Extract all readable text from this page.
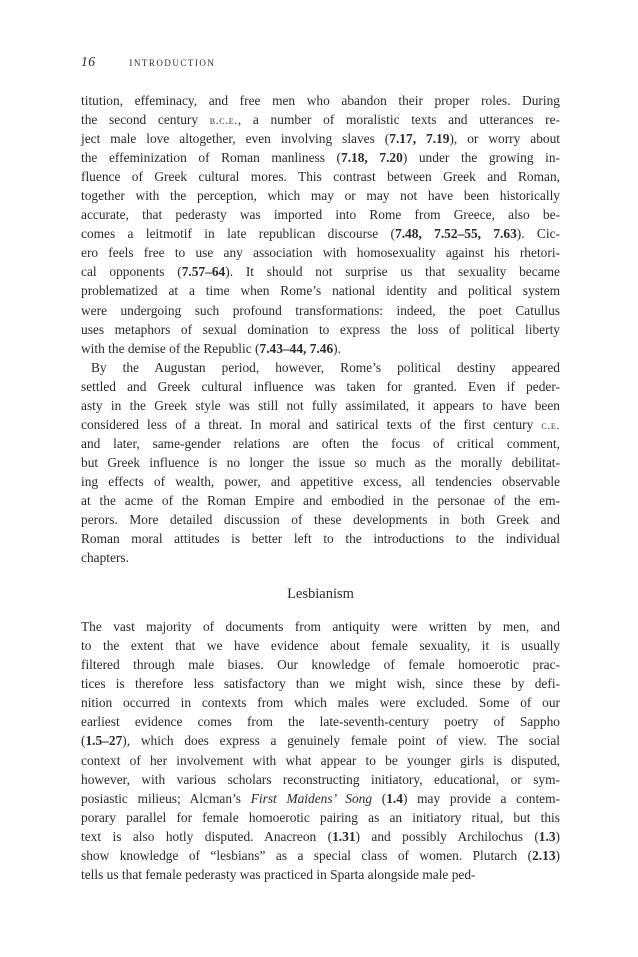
16	introduction
titution, effeminacy, and free men who abandon their proper roles. During
the second century b.c.e., a number of moralistic texts and utterances re-
ject male love altogether, even involving slaves (7.17, 7.19), or worry about
the effeminization of Roman manliness (7.18, 7.20) under the growing in-
fluence of Greek cultural mores. This contrast between Greek and Roman,
together with the perception, which may or may not have been historically
accurate, that pederasty was imported into Rome from Greece, also be-
comes a leitmotif in late republican discourse (7.48, 7.52–55, 7.63). Cic-
ero feels free to use any association with homosexuality against his rhetori-
cal opponents (7.57–64). It should not surprise us that sexuality became
problematized at a time when Rome’s national identity and political system
were undergoing such profound transformations: indeed, the poet Catullus
uses metaphors of sexual domination to express the loss of political liberty
with the demise of the Republic (7.43–44, 7.46).
By the Augustan period, however, Rome’s political destiny appeared
settled and Greek cultural influence was taken for granted. Even if peder-
asty in the Greek style was still not fully assimilated, it appears to have been
considered less of a threat. In moral and satirical texts of the first century c.e.
and later, same-gender relations are often the focus of critical comment,
but Greek influence is no longer the issue so much as the morally debilitat-
ing effects of wealth, power, and appetitive excess, all tendencies observable
at the acme of the Roman Empire and embodied in the personae of the em-
perors. More detailed discussion of these developments in both Greek and
Roman moral attitudes is better left to the introductions to the individual
chapters.
Lesbianism
The vast majority of documents from antiquity were written by men, and
to the extent that we have evidence about female sexuality, it is usually
filtered through male biases. Our knowledge of female homoerotic prac-
tices is therefore less satisfactory than we might wish, since these by defi-
nition occurred in contexts from which males were excluded. Some of our
earliest evidence comes from the late-seventh-century poetry of Sappho
(1.5–27), which does express a genuinely female point of view. The social
context of her involvement with what appear to be younger girls is disputed,
however, with various scholars reconstructing initiatory, educational, or sym-
posiastic milieus; Alcman’s First Maidens’ Song (1.4) may provide a contem-
porary parallel for female homoerotic pairing as an initiatory ritual, but this
text is also hotly disputed. Anacreon (1.31) and possibly Archilochus (1.3)
show knowledge of “lesbians” as a special class of women. Plutarch (2.13)
tells us that female pederasty was practiced in Sparta alongside male ped-
